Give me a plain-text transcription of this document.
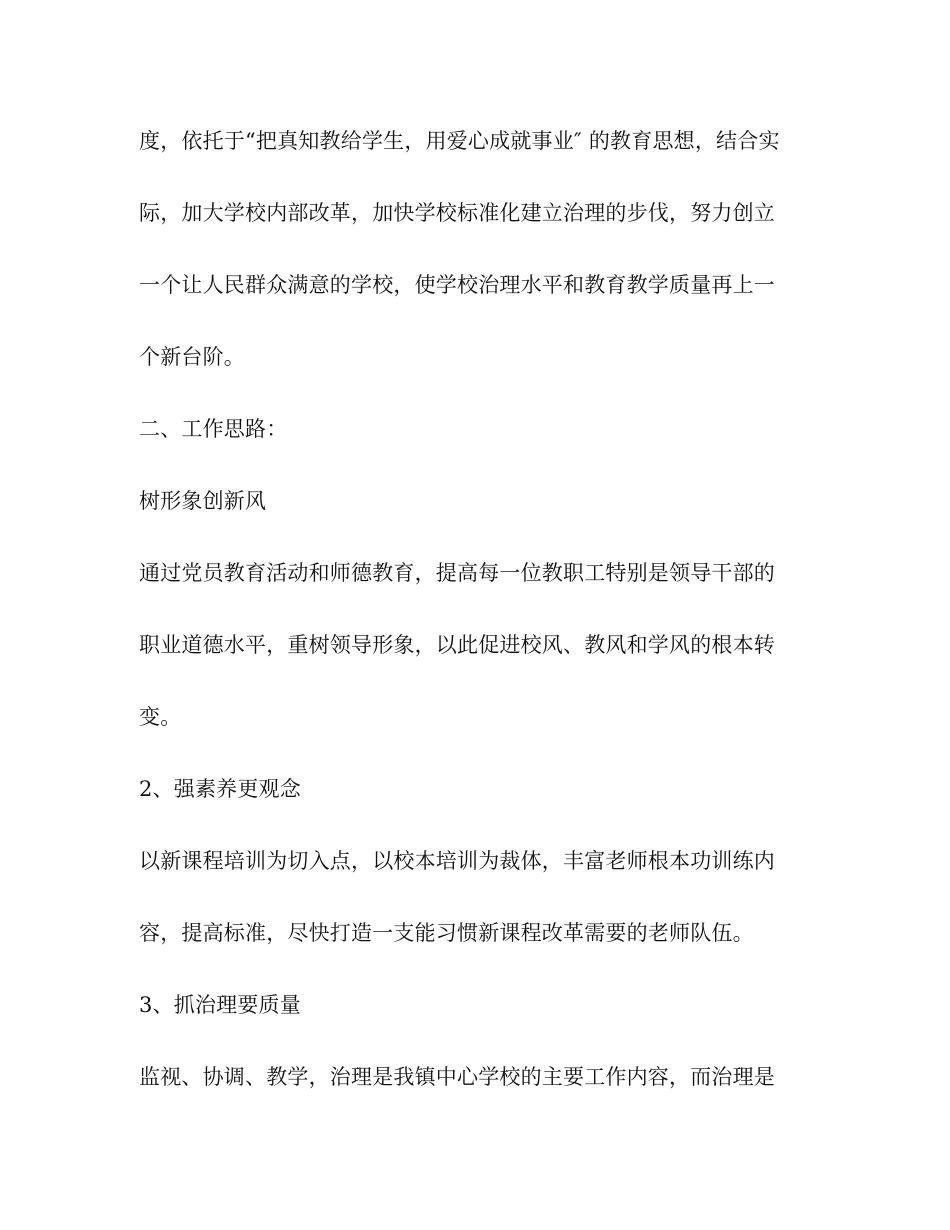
度，依托于“把真知教给学生，用爱心成就事业″ 的教育思想，结合实
际，加大学校内部改革，加快学校标准化建立治理的步伐，努力创立
一个让人民群众满意的学校，使学校治理水平和教育教学质量再上一
个新台阶。
二、工作思路：
树形象创新风
通过党员教育活动和师德教育，提高每一位教职工特别是领导干部的
职业道德水平，重树领导形象，以此促进校风、教风和学风的根本转
变。
2、强素养更观念
以新课程培训为切入点，以校本培训为裁体，丰富老师根本功训练内
容，提高标准，尽快打造一支能习惯新课程改革需要的老师队伍。
3、抓治理要质量
监视、协调、教学，治理是我镇中心学校的主要工作内容，而治理是
